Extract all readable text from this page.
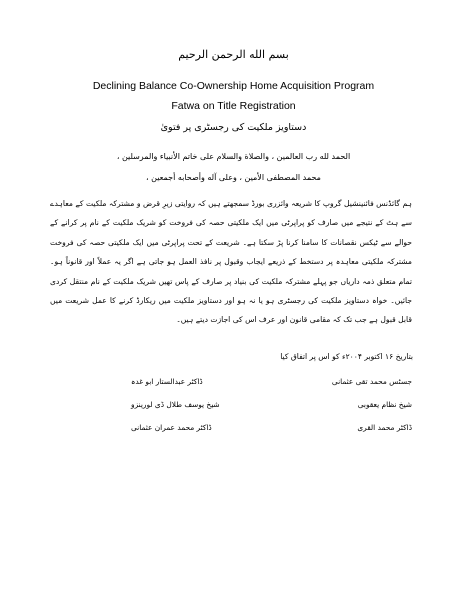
بسم الله الرحمن الرحیم
Declining Balance Co-Ownership Home Acquisition Program
Fatwa on Title Registration
دستاویز ملکیت کی رجسٹری پر فتویٰ
الحمد لله رب العالمین ، والصلاة والسلام علی خاتم الأنبیاء والمرسلین ،
محمد المصطفی الأمین ، وعلی آله وأصحابه أجمعین ،
ہم گائڈنس فائنینشیل گروپ کا شریعہ وائزری بورڈ سمجھتے ہیں کہ روایتی زیرِ قرض و مشترکہ ملکیت کے معاہدے سے ہٹ کے نتیجے میں صارف کو پراپرٹی میں ایک ملکیتی حصہ کی فروخت کو شریک ملکیت کے نام پر کرانے کے حوالے سے ٹیکس نقصانات کا سامنا کرنا پڑ سکتا ہے۔ شریعت کے تحت پراپرٹی میں ایک ملکیتی حصہ کی فروخت مشترکہ ملکیتی معاہدہ پر دستخط کے ذریعے ایجاب وقبول پر نافذ العمل ہو جاتی ہے اگر یہ عملاً اور قانوناً ہو۔ تمام متعلق ذمہ داریاں جو پہلے مشترکہ ملکیت کی بنیاد پر صارف کے پاس تھیں شریک ملکیت کے نام منتقل کردی جائیں۔ خواہ دستاویز ملکیت کی رجسٹری ہو یا نہ ہو اور دستاویز ملکیت میں ریکارڈ کرنے کا عمل شریعت میں قابل قبول ہے جب تک کہ مقامی قانون اور عرف اس کی اجازت دیتے ہیں۔
بتاریخ ۱۶ اکتوبر ۲۰۰۴ء کو اس پر اتفاق کیا
ڈاکٹر عبدالستار ابو غدہ	جسٹس محمد تقی عثمانی
شیخ یوسف طلال ڈی لورینزو	شیخ نظام یعقوبی
ڈاکٹر محمد عمران عثمانی	ڈاکٹر محمد القری
